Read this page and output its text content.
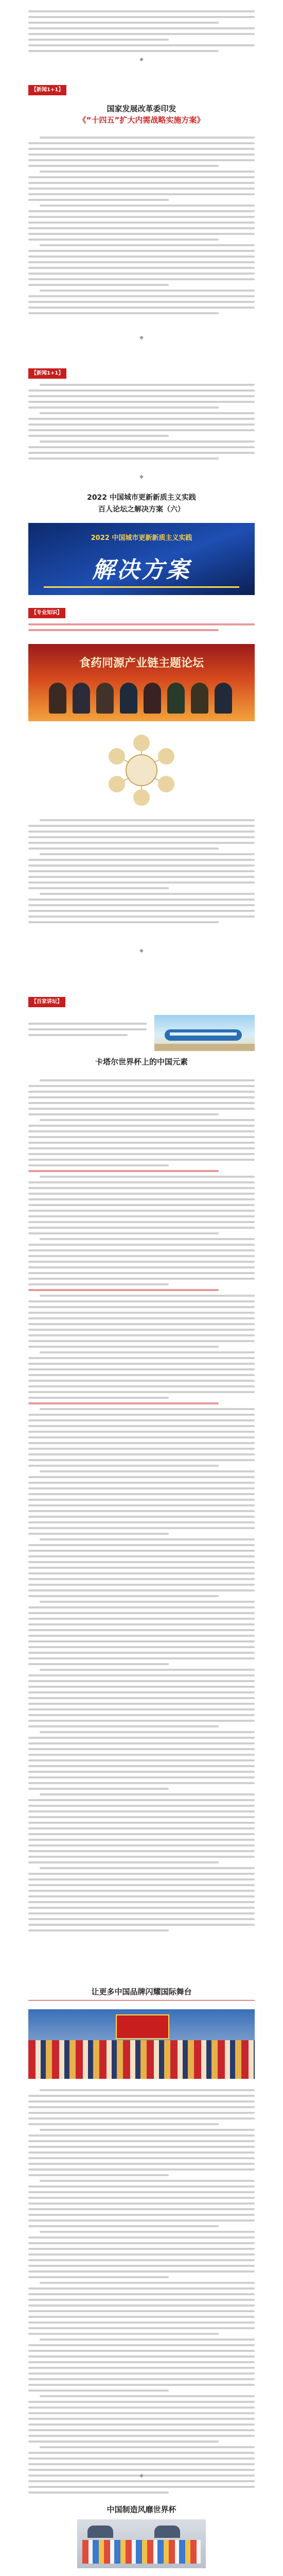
◆
【新闻1+1】
国家发展改革委印发
《“十四五”扩大内需战略实施方案》
◆
【新闻1+1】
◆
2022 中国城市更新新质主义实践
百人论坛之解决方案（六）
2022 中国城市更新新质主义实践
解决方案
【专业知识】
食药同源产业链主题论坛
◆
【百家讲坛】
卡塔尔世界杯上的中国元素
让更多中国品牌闪耀国际舞台
◆
中国制造风靡世界杯
